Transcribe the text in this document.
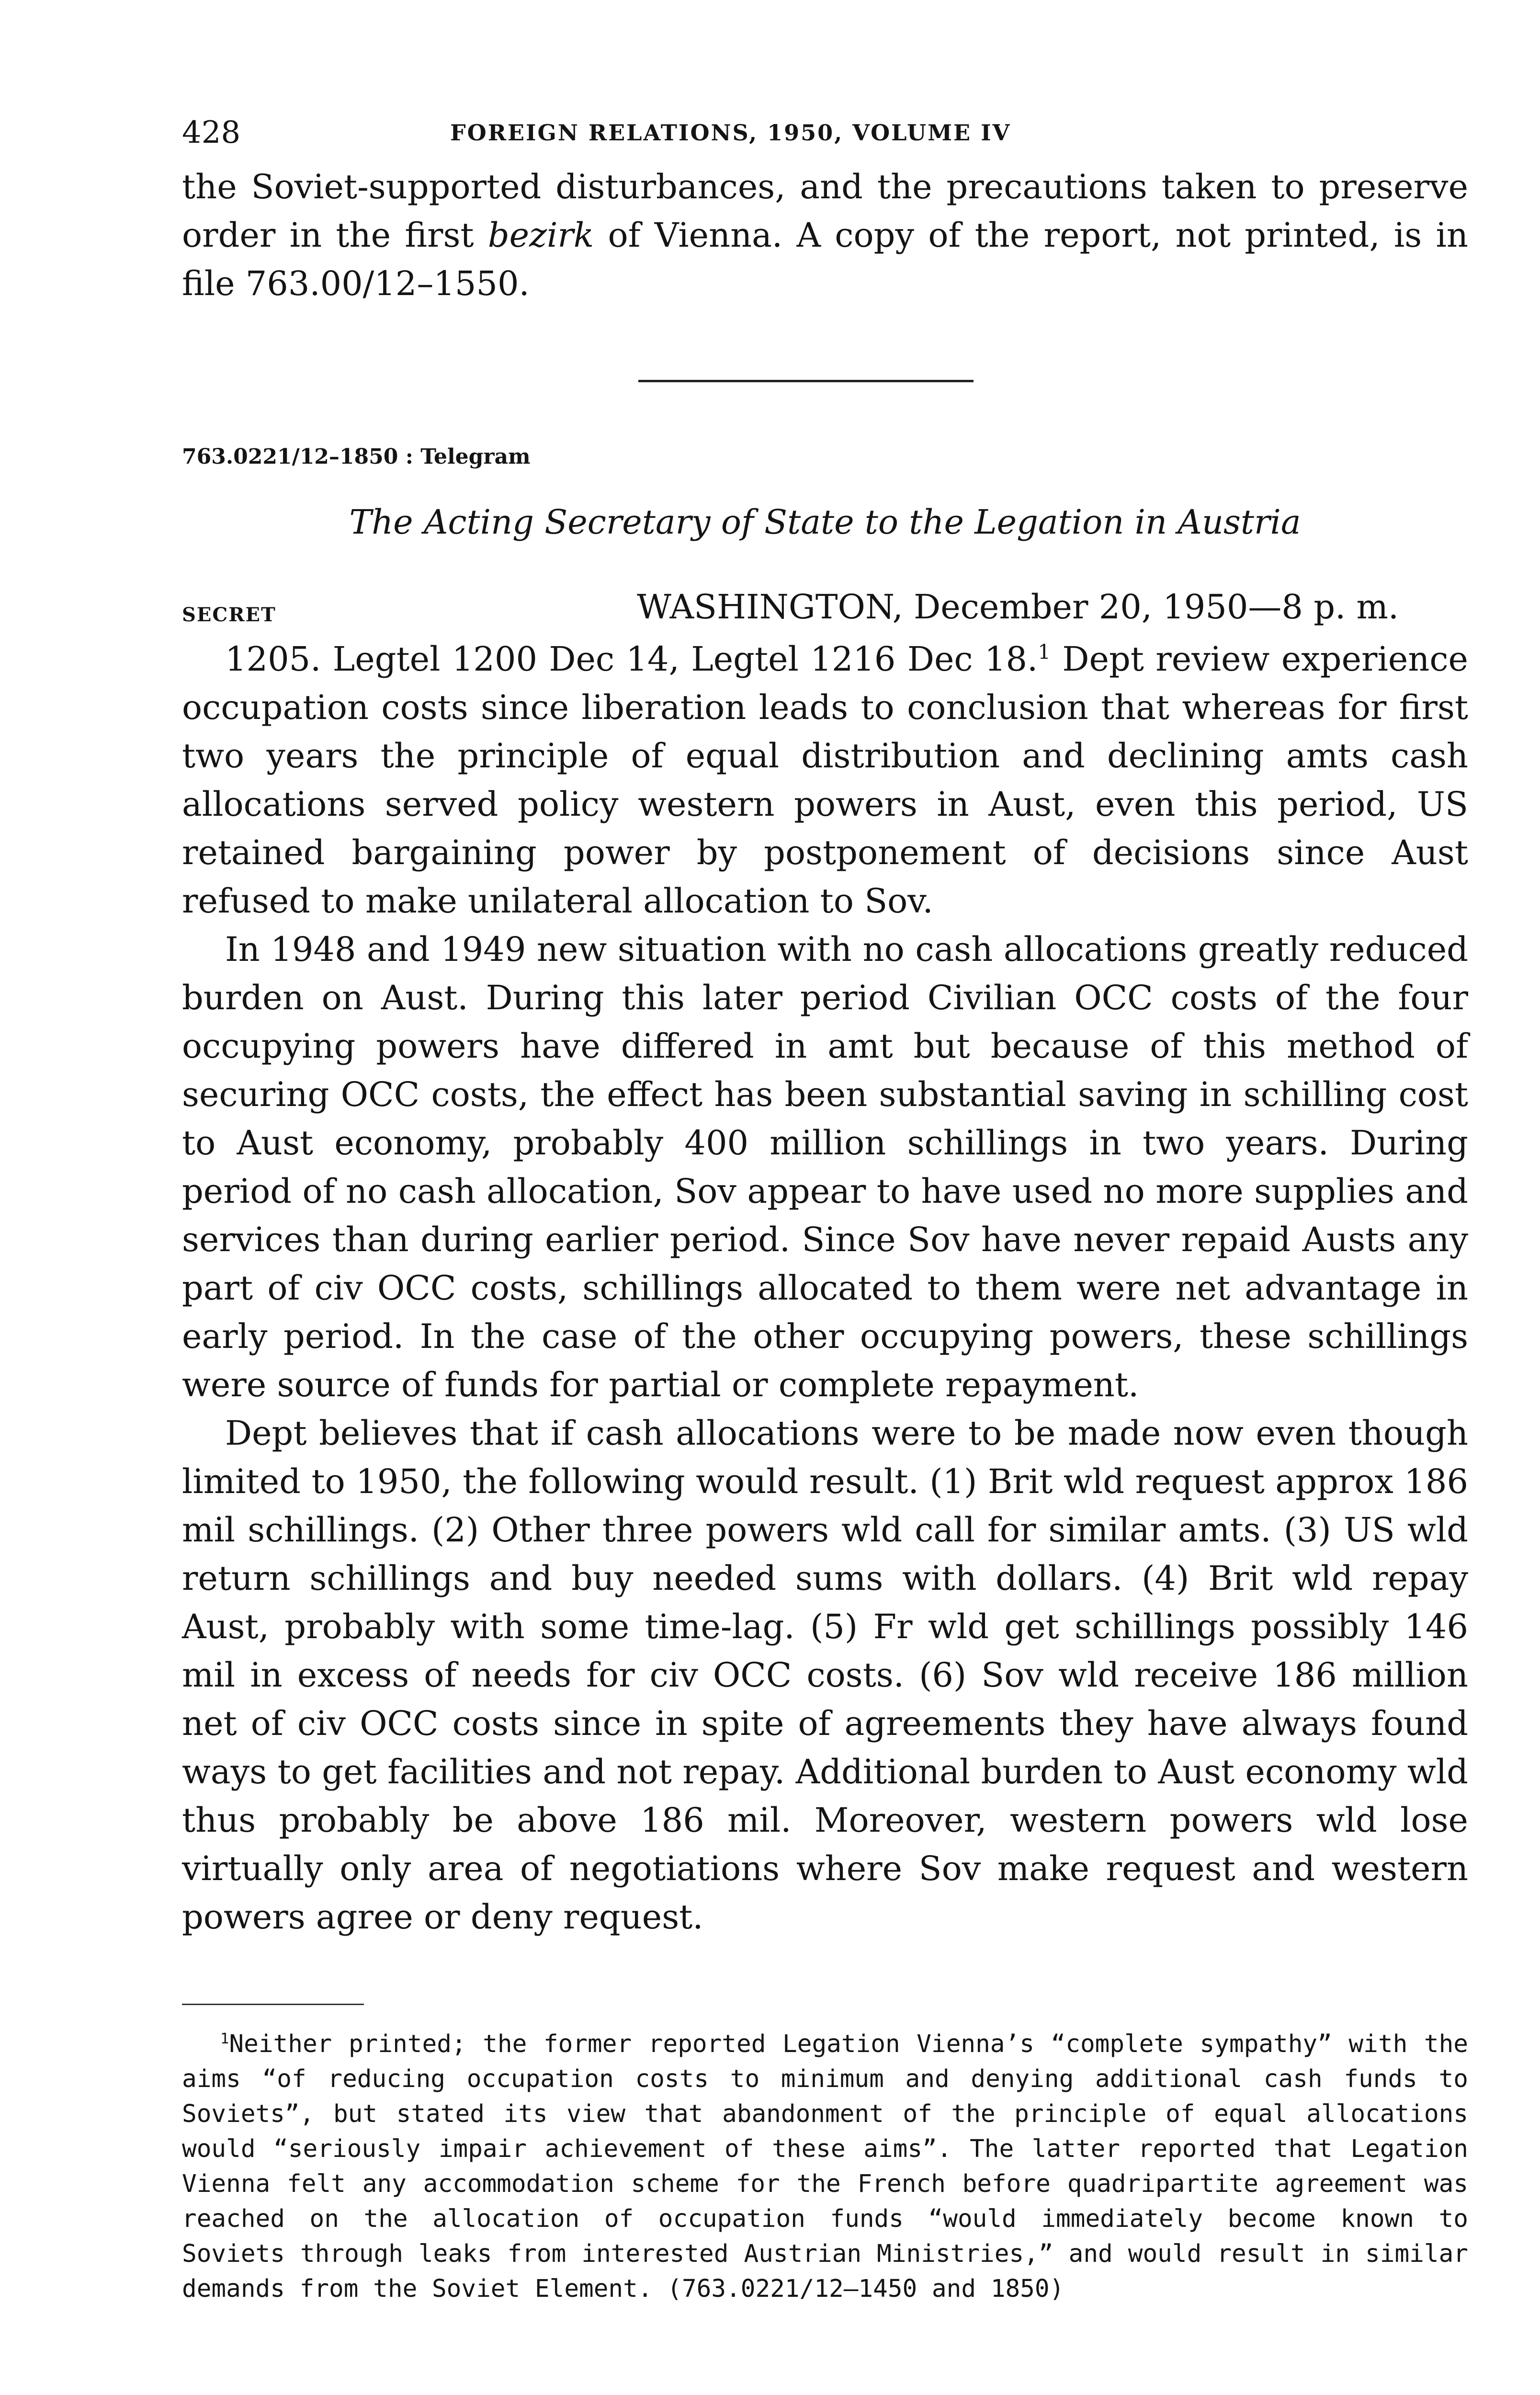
428	FOREIGN RELATIONS, 1950, VOLUME IV

the Soviet-supported disturbances, and the precautions taken to preserve order in the first bezirk of Vienna. A copy of the report, not printed, is in file 763.00/12–1550.

763.0221/12–1850 : Telegram
The Acting Secretary of State to the Legation in Austria
SECRET	WASHINGTON, December 20, 1950—8 p. m.

1205. Legtel 1200 Dec 14, Legtel 1216 Dec 18.$^1$ Dept review experience occupation costs since liberation leads to conclusion that whereas for first two years the principle of equal distribution and declining amts cash allocations served policy western powers in Aust, even this period, US retained bargaining power by postponement of decisions since Aust refused to make unilateral allocation to Sov.

In 1948 and 1949 new situation with no cash allocations greatly reduced burden on Aust. During this later period Civilian OCC costs of the four occupying powers have differed in amt but because of this method of securing OCC costs, the effect has been substantial saving in schilling cost to Aust economy, probably 400 million schillings in two years. During period of no cash allocation, Sov appear to have used no more supplies and services than during earlier period. Since Sov have never repaid Austs any part of civ OCC costs, schillings allocated to them were net advantage in early period. In the case of the other occupying powers, these schillings were source of funds for partial or complete repayment.

Dept believes that if cash allocations were to be made now even though limited to 1950, the following would result. (1) Brit wld request approx 186 mil schillings. (2) Other three powers wld call for similar amts. (3) US wld return schillings and buy needed sums with dollars. (4) Brit wld repay Aust, probably with some time-lag. (5) Fr wld get schillings possibly 146 mil in excess of needs for civ OCC costs. (6) Sov wld receive 186 million net of civ OCC costs since in spite of agreements they have always found ways to get facilities and not repay. Additional burden to Aust economy wld thus probably be above 186 mil. Moreover, western powers wld lose virtually only area of negotiations where Sov make request and western powers agree or deny request.

$^1$Neither printed; the former reported Legation Vienna’s “complete sympathy” with the aims “of reducing occupation costs to minimum and denying additional cash funds to Soviets”, but stated its view that abandonment of the principle of equal allocations would “seriously impair achievement of these aims”. The latter reported that Legation Vienna felt any accommodation scheme for the French before quadripartite agreement was reached on the allocation of occupation funds “would immediately become known to Soviets through leaks from interested Austrian Ministries,” and would result in similar demands from the Soviet Element. (763.0221/12–1450 and 1850)
